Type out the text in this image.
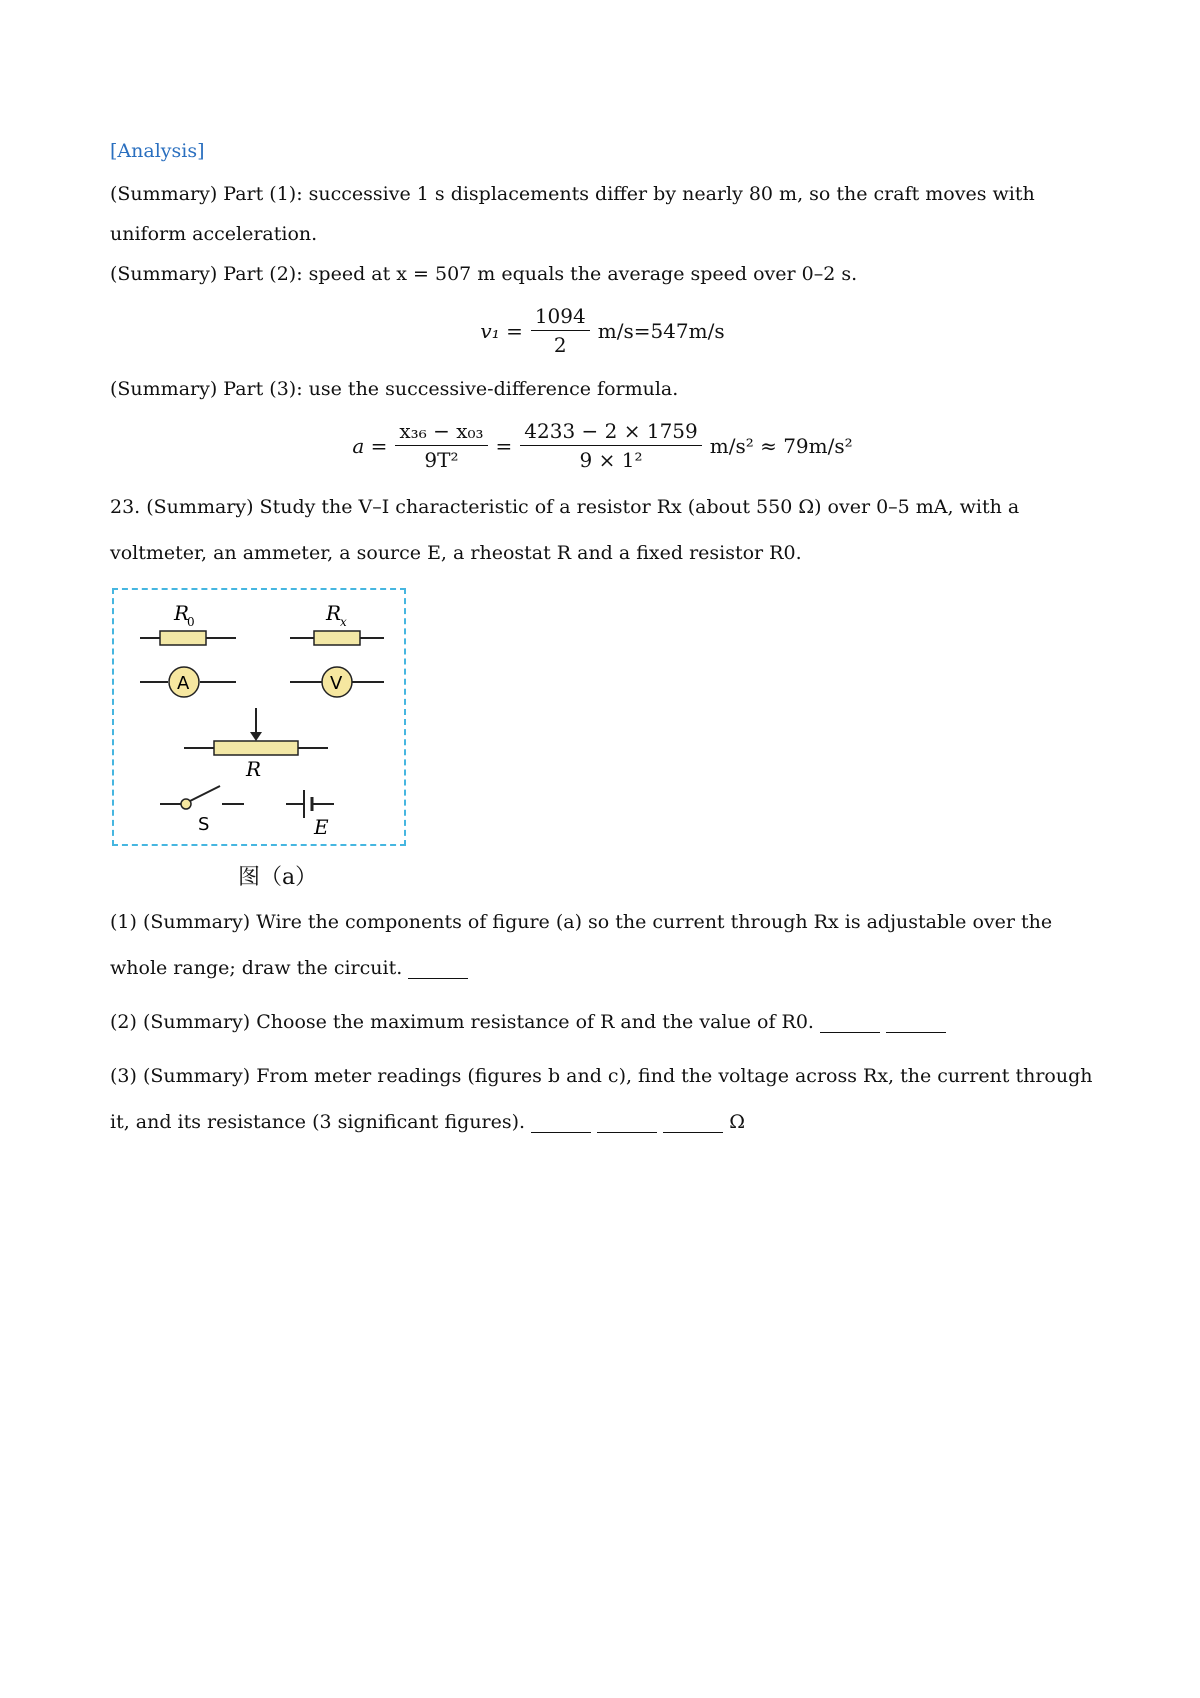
[Analysis]

(Summary) Part (1): successive 1 s displacements differ by nearly 80 m, so the craft moves with uniform acceleration.

(Summary) Part (2): speed at x = 507 m equals the average speed over 0–2 s.

$v_1 = \frac{1094}{2} m/s=547m/s$

(Summary) Part (3): use the successive-difference formula.

$a = \frac{\text{x₃₆ − x₀₃}}{\text{9T²}} = \frac{4233 - 2 \times 1759}{\text{9 × 1²}} m/s^2 \approx 79m/s^2$

23. (Summary) Study the V–I characteristic of a resistor Rx (about 550 Ω) over 0–5 mA, with a voltmeter, an ammeter, a source E, a rheostat R and a fixed resistor R0.

R
0	R
x
A	V
R
S	E
图（a）

(1) (Summary) Wire the components of figure (a) so the current through Rx is adjustable over the whole range; draw the circuit.

(2) (Summary) Choose the maximum resistance of R and the value of R0.

(3) (Summary) From meter readings (figures b and c), find the voltage across Rx, the current through it, and its resistance (3 significant figures).	Ω
